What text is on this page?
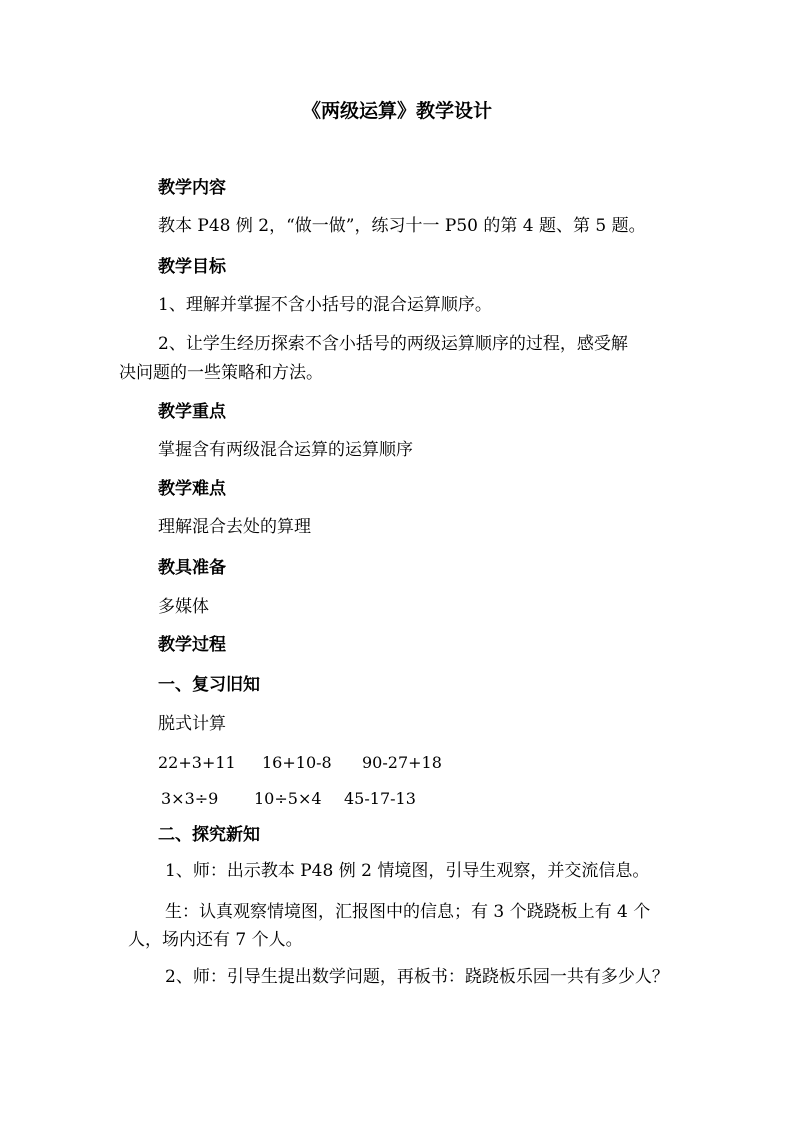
《两级运算》教学设计
教学内容
教本 P48 例 2，“做一做”，练习十一 P50 的第 4 题、第 5 题。
教学目标
1、理解并掌握不含小括号的混合运算顺序。
2、让学生经历探索不含小括号的两级运算顺序的过程，感受解
决问题的一些策略和方法。
教学重点
掌握含有两级混合运算的运算顺序
教学难点
理解混合去处的算理
教具准备
多媒体
教学过程
一、复习旧知
脱式计算
22+3+11 16+10-8 90-27+18
3×3÷9 10÷5×4 45-17-13
二、探究新知
1、师：出示教本 P48 例 2 情境图，引导生观察，并交流信息。
生：认真观察情境图，汇报图中的信息；有 3 个跷跷板上有 4 个
人，场内还有 7 个人。
2、师：引导生提出数学问题，再板书：跷跷板乐园一共有多少人？
